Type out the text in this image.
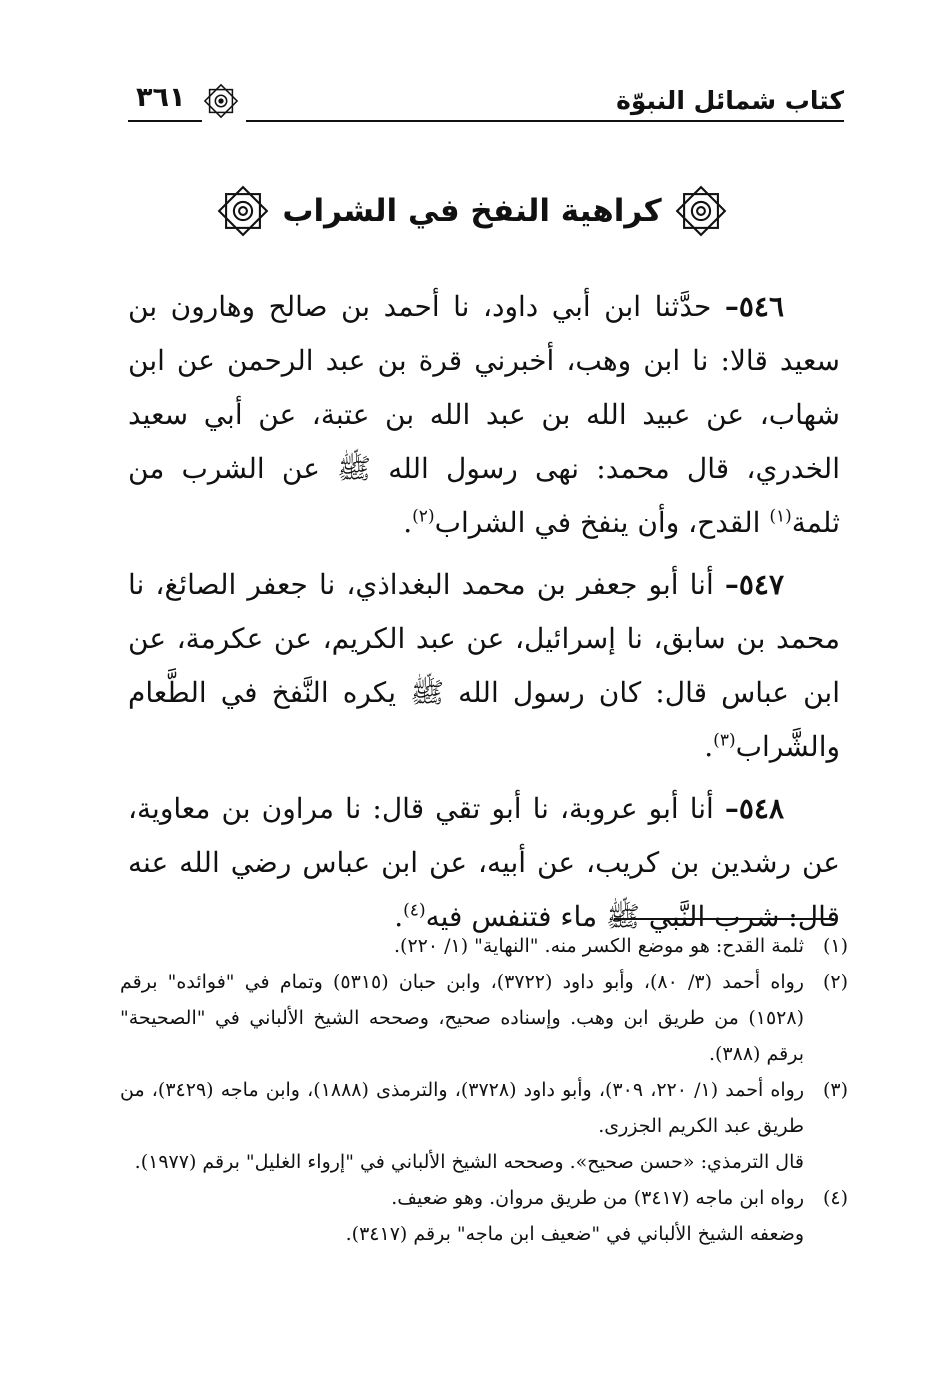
كتاب شمائل النبوّة
٣٦١
كراهية النفخ في الشراب

٥٤٦– حدَّثنا ابن أبي داود، نا أحمد بن صالح وهارون بن سعيد قالا: نا ابن وهب، أخبرني قرة بن عبد الرحمن عن ابن شهاب، عن عبيد الله بن عبد الله بن عتبة، عن أبي سعيد الخدري، قال محمد: نهى رسول الله ﷺ عن الشرب من ثلمة$^{(١)}$ القدح، وأن ينفخ في الشراب$^{(٢)}$.

٥٤٧– أنا أبو جعفر بن محمد البغداذي، نا جعفر الصائغ، نا محمد بن سابق، نا إسرائيل، عن عبد الكريم، عن عكرمة، عن ابن عباس قال: كان رسول الله ﷺ يكره النَّفخ في الطَّعام والشَّراب$^{(٣)}$.

٥٤٨– أنا أبو عروبة، نا أبو تقي قال: نا مراون بن معاوية، عن رشدين بن كريب، عن أبيه، عن ابن عباس رضي الله عنه قال: شرب النَّبي ﷺ ماء فتنفس فيه$^{(٤)}$.

(١)

ثلمة القدح: هو موضع الكسر منه. "النهاية" (١/ ٢٢٠).

(٢)

رواه أحمد (٣/ ٨٠)، وأبو داود (٣٧٢٢)، وابن حبان (٥٣١٥) وتمام في "فوائده" برقم (١٥٢٨) من طريق ابن وهب. وإسناده صحيح، وصححه الشيخ الألباني في "الصحيحة" برقم (٣٨٨).

(٣)

رواه أحمد (١/ ٢٢٠، ٣٠٩)، وأبو داود (٣٧٢٨)، والترمذى (١٨٨٨)، وابن ماجه (٣٤٢٩)، من طريق عبد الكريم الجزرى.

قال الترمذي: «حسن صحيح». وصححه الشيخ الألباني في "إرواء الغليل" برقم (١٩٧٧).

(٤)

رواه ابن ماجه (٣٤١٧) من طريق مروان. وهو ضعيف.

وضعفه الشيخ الألباني في "ضعيف ابن ماجه" برقم (٣٤١٧).
